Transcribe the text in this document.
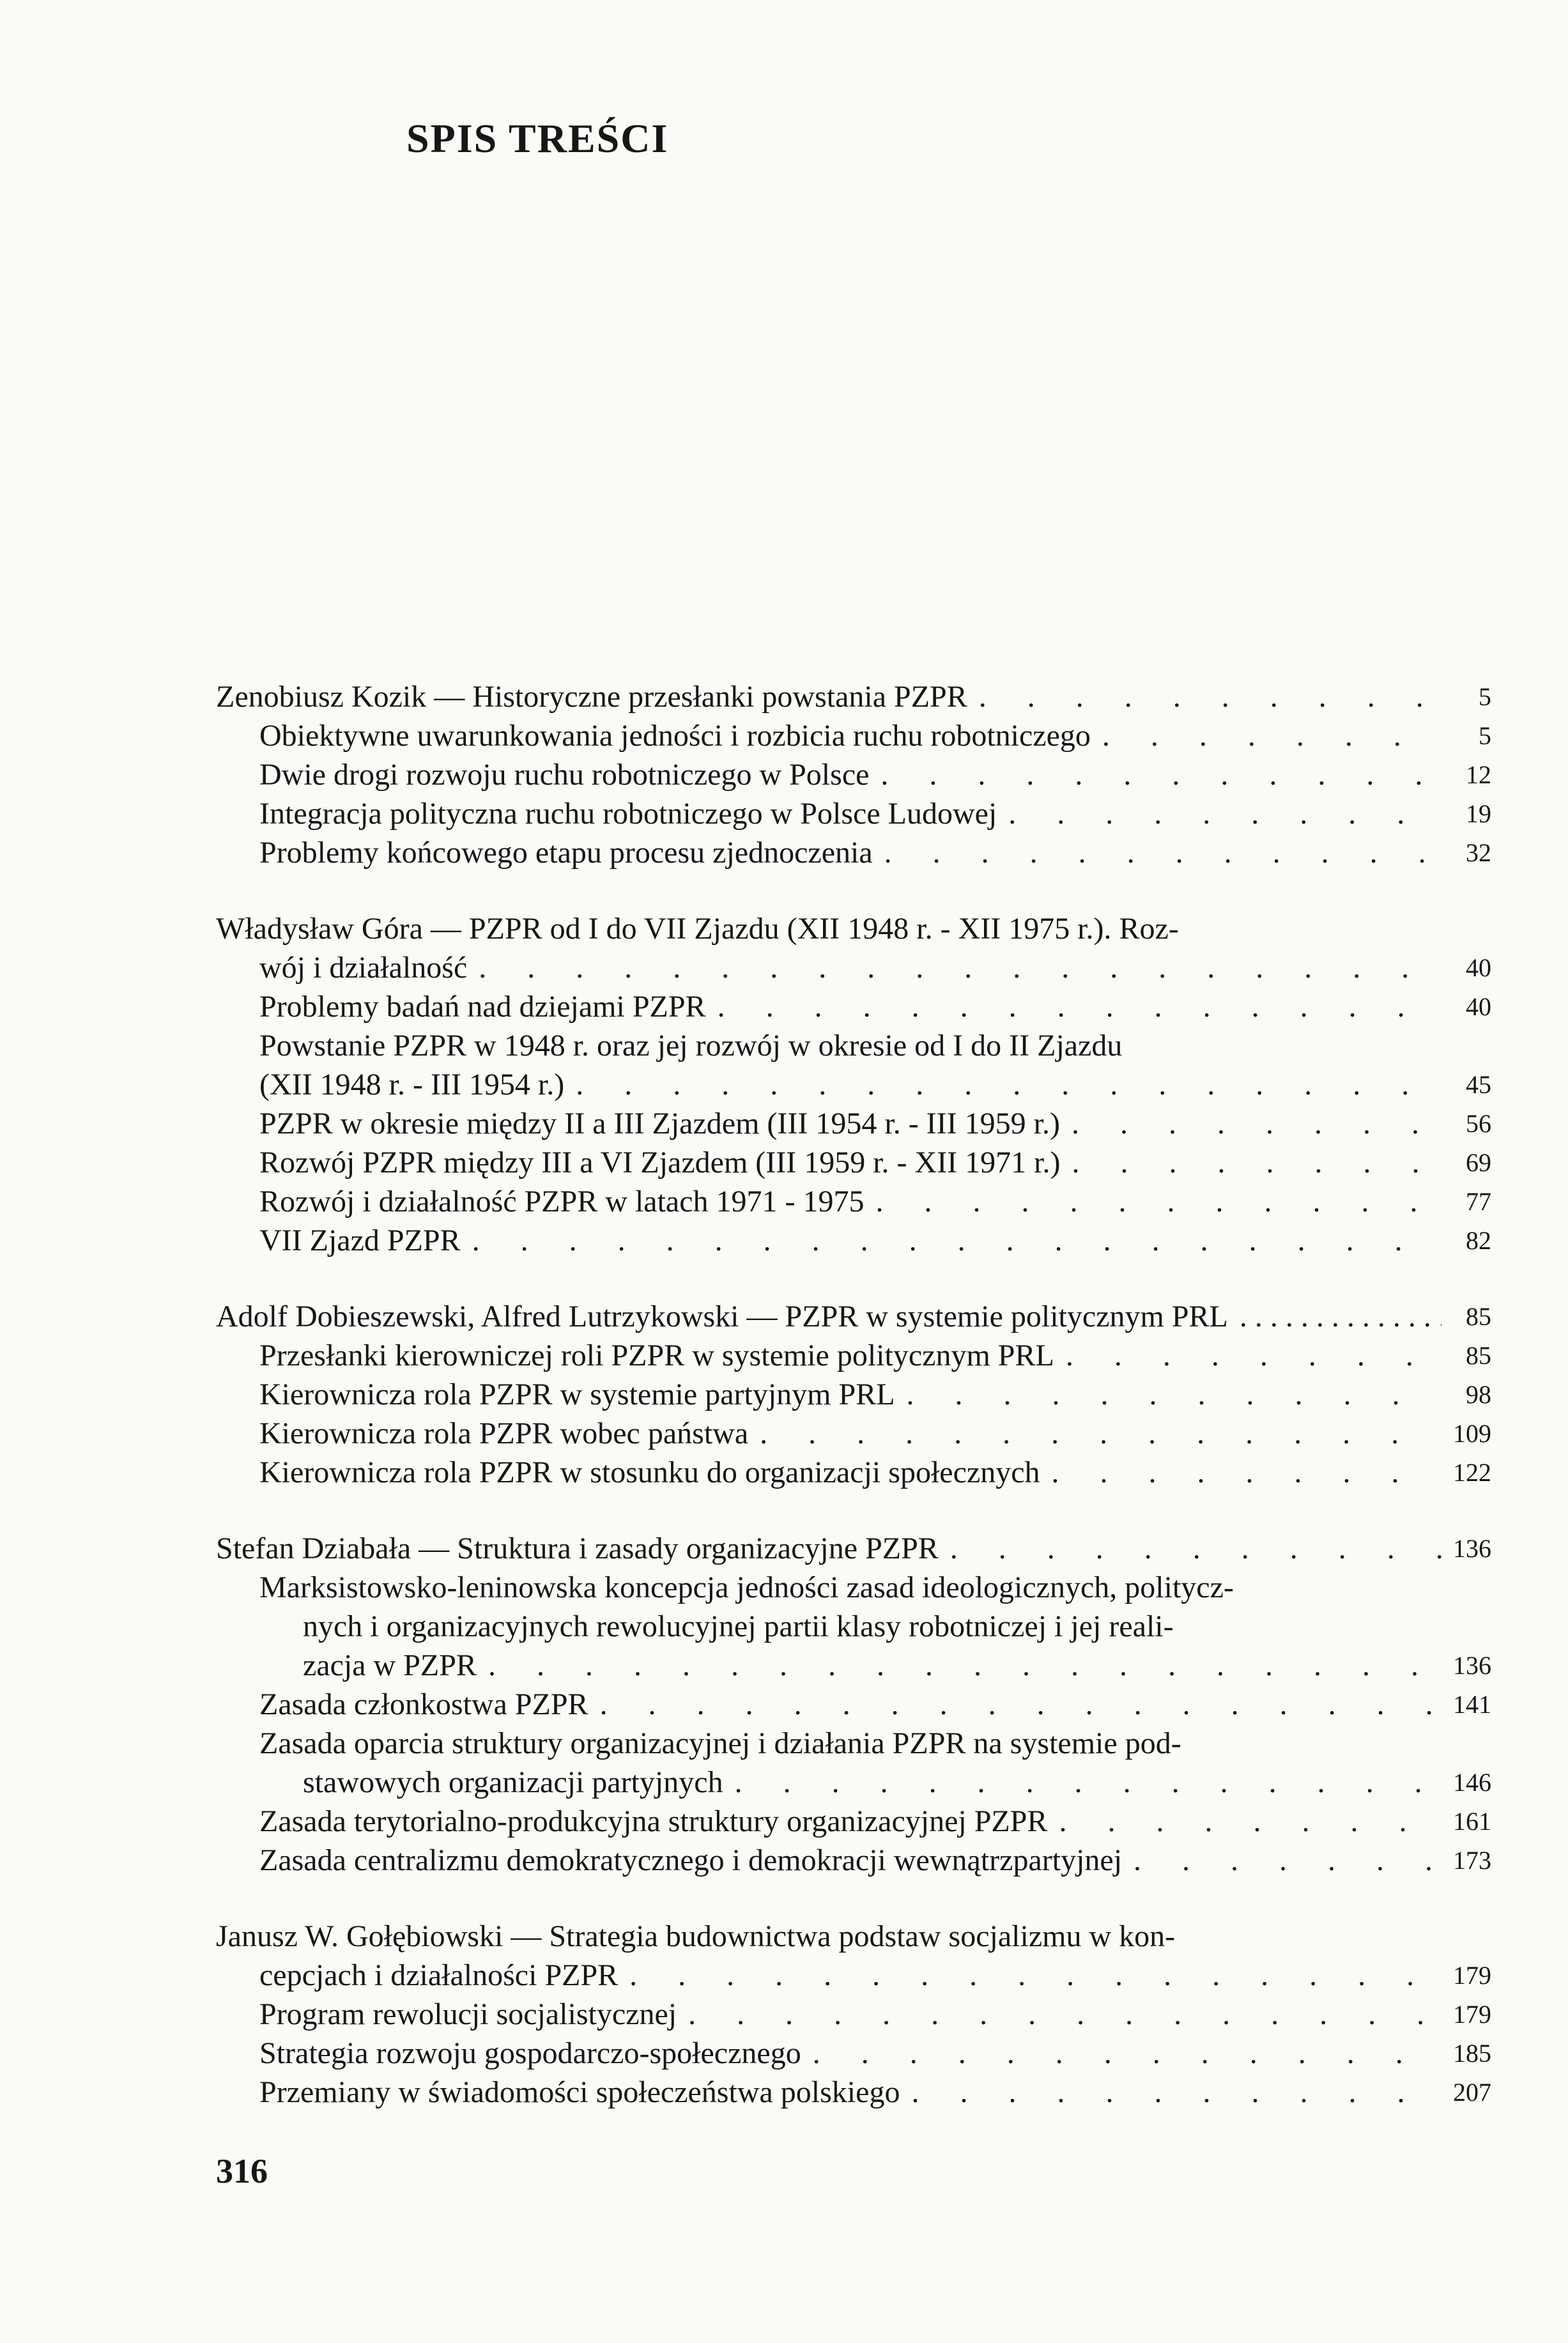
SPIS TREŚCI
Zenobiusz Kozik — Historyczne przesłanki powstania PZPR . . .	5
Obiektywne uwarunkowania jedności i rozbicia ruchu robotniczego . . .	5
Dwie drogi rozwoju ruchu robotniczego w Polsce . . .	12
Integracja polityczna ruchu robotniczego w Polsce Ludowej . . .	19
Problemy końcowego etapu procesu zjednoczenia . . .	32
Władysław Góra — PZPR od I do VII Zjazdu (XII 1948 r. - XII 1975 r.). Roz-
wój i działalność . . .	40
Problemy badań nad dziejami PZPR . . .	40
Powstanie PZPR w 1948 r. oraz jej rozwój w okresie od I do II Zjazdu
(XII 1948 r. - III 1954 r.) . . .	45
PZPR w okresie między II a III Zjazdem (III 1954 r. - III 1959 r.) . . .	56
Rozwój PZPR między III a VI Zjazdem (III 1959 r. - XII 1971 r.) . . .	69
Rozwój i działalność PZPR w latach 1971 - 1975 . . .	77
VII Zjazd PZPR . . .	82
Adolf Dobieszewski, Alfred Lutrzykowski — PZPR w systemie politycznym PRL . . .	85
Przesłanki kierowniczej roli PZPR w systemie politycznym PRL . . .	85
Kierownicza rola PZPR w systemie partyjnym PRL . . .	98
Kierownicza rola PZPR wobec państwa . . .	109
Kierownicza rola PZPR w stosunku do organizacji społecznych . . .	122
Stefan Dziabała — Struktura i zasady organizacyjne PZPR . . .	136
Marksistowsko-leninowska koncepcja jedności zasad ideologicznych, politycz-
nych i organizacyjnych rewolucyjnej partii klasy robotniczej i jej reali-
zacja w PZPR . . .	136
Zasada członkostwa PZPR . . .	141
Zasada oparcia struktury organizacyjnej i działania PZPR na systemie pod-
stawowych organizacji partyjnych . . .	146
Zasada terytorialno-produkcyjna struktury organizacyjnej PZPR . . .	161
Zasada centralizmu demokratycznego i demokracji wewnątrzpartyjnej . . .	173
Janusz W. Gołębiowski — Strategia budownictwa podstaw socjalizmu w kon-
cepcjach i działalności PZPR . . .	179
Program rewolucji socjalistycznej . . .	179
Strategia rozwoju gospodarczo-społecznego . . .	185
Przemiany w świadomości społeczeństwa polskiego . . .	207
316
